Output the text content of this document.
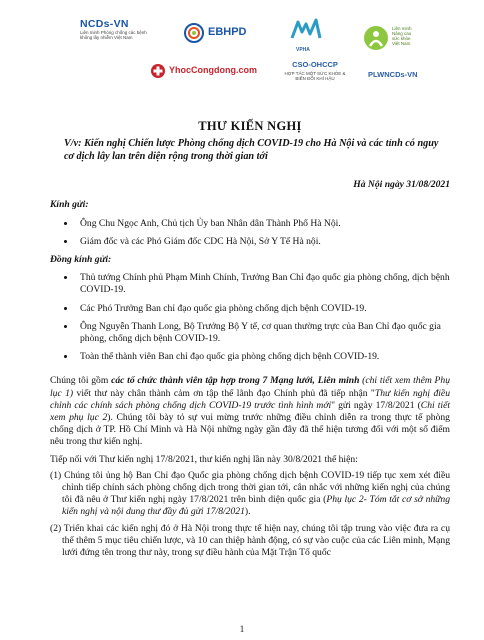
NCDs-VN
Liên minh Phòng chống các bệnh
không lây nhiễm Việt Nam	EBHPD
VPHA
Liên minh
Nâng cao
sức khỏe
Việt Nam
YhocCongdong.com
CSO-OHCCP
HỢP TÁC MỘT SỨC KHỎE &
BIẾN ĐỔI KHÍ HẬU	PLWNCDs-VN
THƯ KIẾN NGHỊ
V/v: Kiến nghị Chiến lược Phòng chống dịch COVID-19 cho Hà Nội và các tỉnh có nguy cơ dịch lây lan trên diện rộng trong thời gian tới
Hà Nội ngày 31/08/2021
Kính gửi:
• Ông Chu Ngọc Anh, Chủ tịch Ủy ban Nhân dân Thành Phố Hà Nội.
• Giám đốc và các Phó Giám đốc CDC Hà Nội, Sở Y Tế Hà nội.
Đồng kính gửi:
• Thủ tướng Chính phủ Phạm Minh Chính, Trưởng Ban Chỉ đạo quốc gia phòng chống, dịch bệnh COVID-19.
• Các Phó Trưởng Ban chỉ đạo quốc gia phòng chống dịch bệnh COVID-19.
• Ông Nguyễn Thanh Long, Bộ Trưởng Bộ Y tế, cơ quan thường trực của Ban Chỉ đạo quốc gia phòng, chống dịch bệnh COVID-19.
• Toàn thể thành viên Ban chỉ đạo quốc gia phòng chống dịch bệnh COVID-19.
Chúng tôi gồm các tổ chức thành viên tập hợp trong 7 Mạng lưới, Liên minh (chi tiết xem thêm Phụ lục 1) viết thư này chân thành cảm ơn tập thể lãnh đạo Chính phủ đã tiếp nhận "Thư kiến nghị điều chỉnh các chính sách phòng chống dịch COVID-19 trước tình hình mới" gửi ngày 17/8/2021 (Chi tiết xem phụ lục 2). Chúng tôi bày tỏ sự vui mừng trước những điều chỉnh diễn ra trong thực tế phòng chống dịch ở TP. Hồ Chí Minh và Hà Nội những ngày gần đây đã thể hiện tương đối với một số điểm nêu trong thư kiến nghị.
Tiếp nối với Thư kiến nghị 17/8/2021, thư kiến nghị lần này 30/8/2021 thể hiện:
(1) Chúng tôi ủng hộ Ban Chỉ đạo Quốc gia phòng chống dịch bệnh COVID-19 tiếp tục xem xét điều chỉnh tiếp chính sách phòng chống dịch trong thời gian tới, cân nhắc với những kiến nghị của chúng tôi đã nêu ở Thư kiến nghị ngày 17/8/2021 trên bình diện quốc gia (Phụ lục 2- Tóm tắt cơ sở những kiến nghị và nội dung thư đầy đủ gửi 17/8/2021).
(2) Triển khai các kiến nghị đó ở Hà Nội trong thực tế hiện nay, chúng tôi tập trung vào việc đưa ra cụ thể thêm 5 mục tiêu chiến lược, và 10 can thiệp hành động, có sự vào cuộc của các Liên minh, Mạng lưới đứng tên trong thư này, trong sự điều hành của Mặt Trận Tổ quốc
1
